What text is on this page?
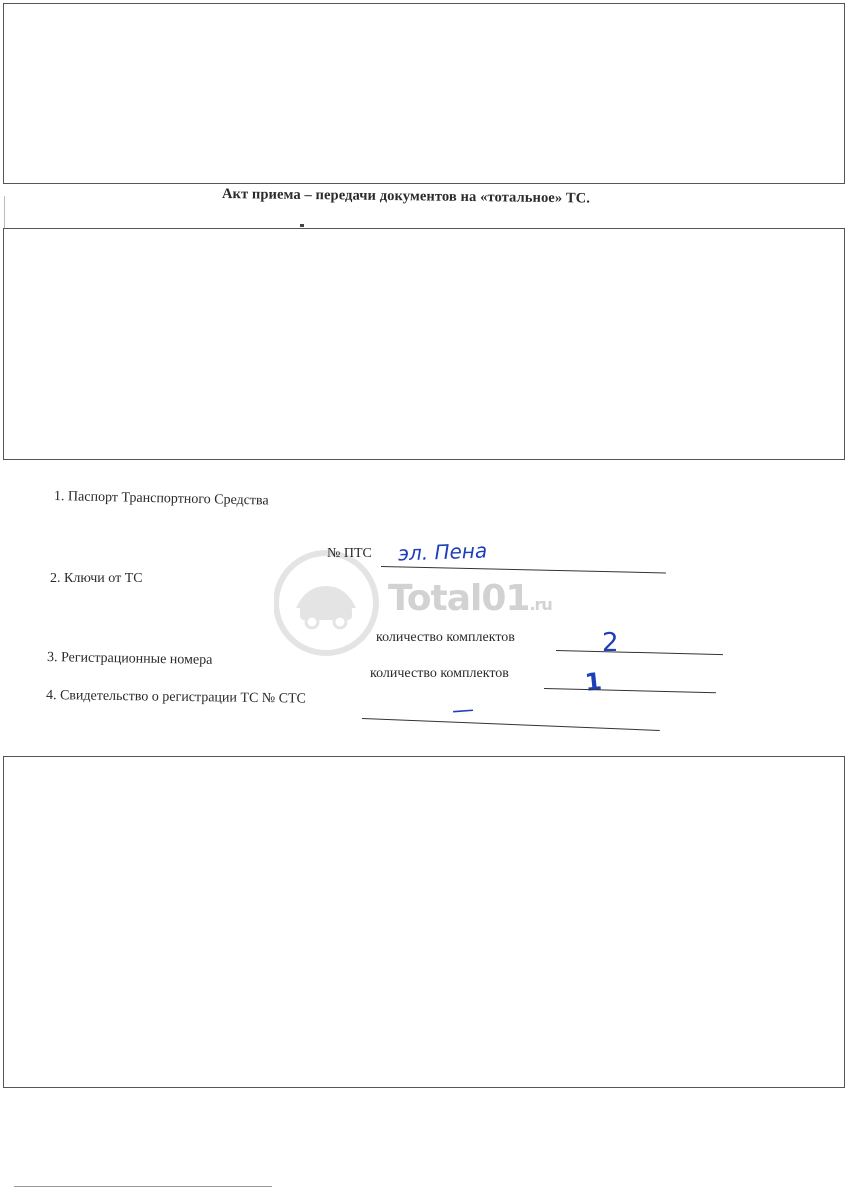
Акт приема – передачи документов на «тотальное» ТС.
Total01.ru
1. Паспорт Транспортного Средства
№ ПТС эл. Пена
2. Ключи от ТС
количество комплектов	2
3. Регистрационные номера
количество комплектов	1
4. Свидетельство о регистрации ТС № СТС	—
